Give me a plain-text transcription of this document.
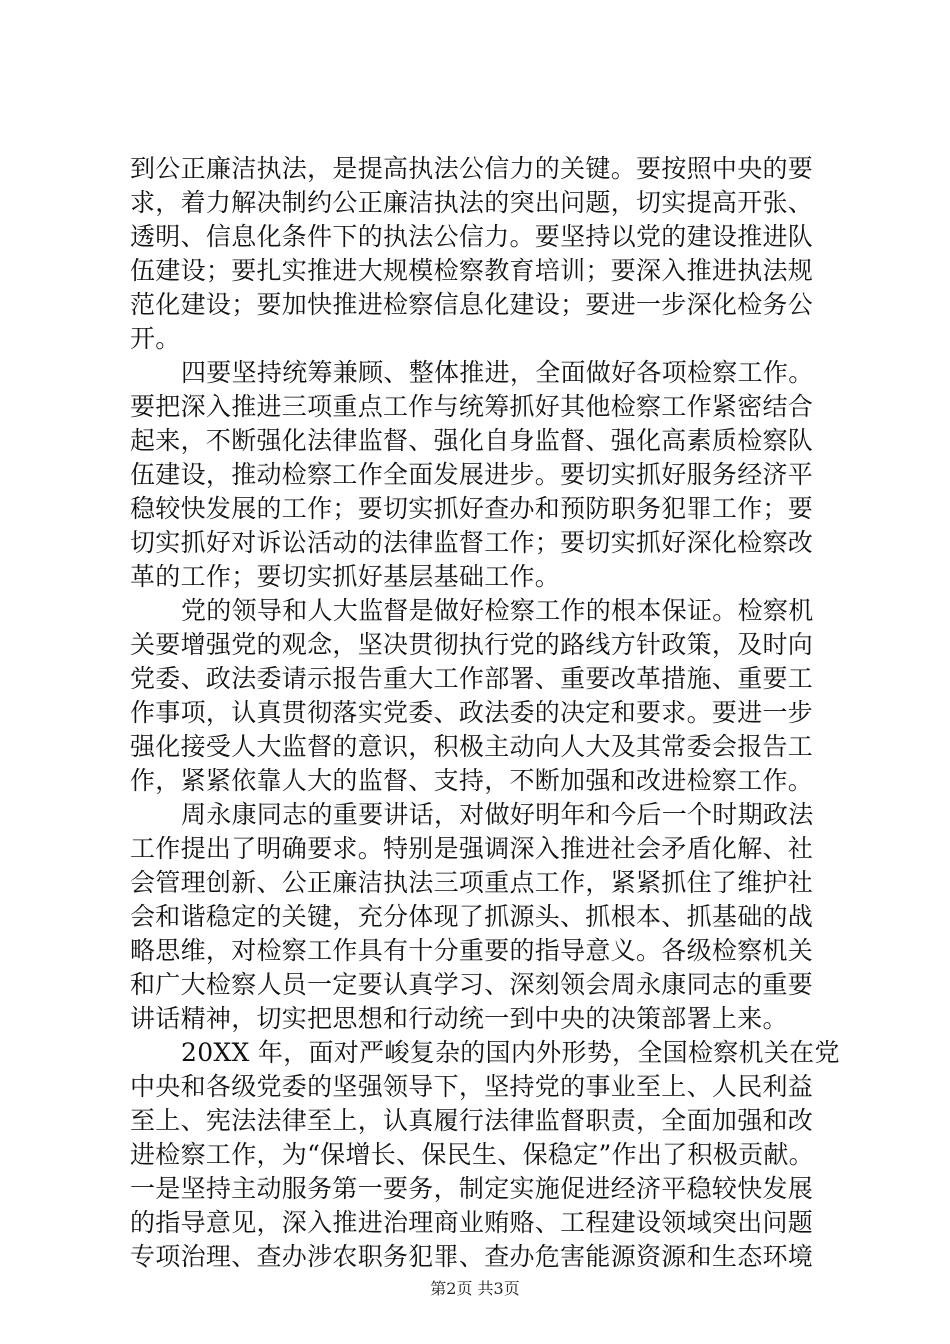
到公正廉洁执法，是提高执法公信力的关键。要按照中央的要
求，着力解决制约公正廉洁执法的突出问题，切实提高开张、
透明、信息化条件下的执法公信力。要坚持以党的建设推进队
伍建设；要扎实推进大规模检察教育培训；要深入推进执法规
范化建设；要加快推进检察信息化建设；要进一步深化检务公
开。
四要坚持统筹兼顾、整体推进，全面做好各项检察工作。
要把深入推进三项重点工作与统筹抓好其他检察工作紧密结合
起来，不断强化法律监督、强化自身监督、强化高素质检察队
伍建设，推动检察工作全面发展进步。要切实抓好服务经济平
稳较快发展的工作；要切实抓好查办和预防职务犯罪工作；要
切实抓好对诉讼活动的法律监督工作；要切实抓好深化检察改
革的工作；要切实抓好基层基础工作。
党的领导和人大监督是做好检察工作的根本保证。检察机
关要增强党的观念，坚决贯彻执行党的路线方针政策，及时向
党委、政法委请示报告重大工作部署、重要改革措施、重要工
作事项，认真贯彻落实党委、政法委的决定和要求。要进一步
强化接受人大监督的意识，积极主动向人大及其常委会报告工
作，紧紧依靠人大的监督、支持，不断加强和改进检察工作。
周永康同志的重要讲话，对做好明年和今后一个时期政法
工作提出了明确要求。特别是强调深入推进社会矛盾化解、社
会管理创新、公正廉洁执法三项重点工作，紧紧抓住了维护社
会和谐稳定的关键，充分体现了抓源头、抓根本、抓基础的战
略思维，对检察工作具有十分重要的指导意义。各级检察机关
和广大检察人员一定要认真学习、深刻领会周永康同志的重要
讲话精神，切实把思想和行动统一到中央的决策部署上来。
20XX 年，面对严峻复杂的国内外形势，全国检察机关在党
中央和各级党委的坚强领导下，坚持党的事业至上、人民利益
至上、宪法法律至上，认真履行法律监督职责，全面加强和改
进检察工作，为“保增长、保民生、保稳定”作出了积极贡献。
一是坚持主动服务第一要务，制定实施促进经济平稳较快发展
的指导意见，深入推进治理商业贿赂、工程建设领域突出问题
专项治理、查办涉农职务犯罪、查办危害能源资源和生态环境
第2页 共3页
